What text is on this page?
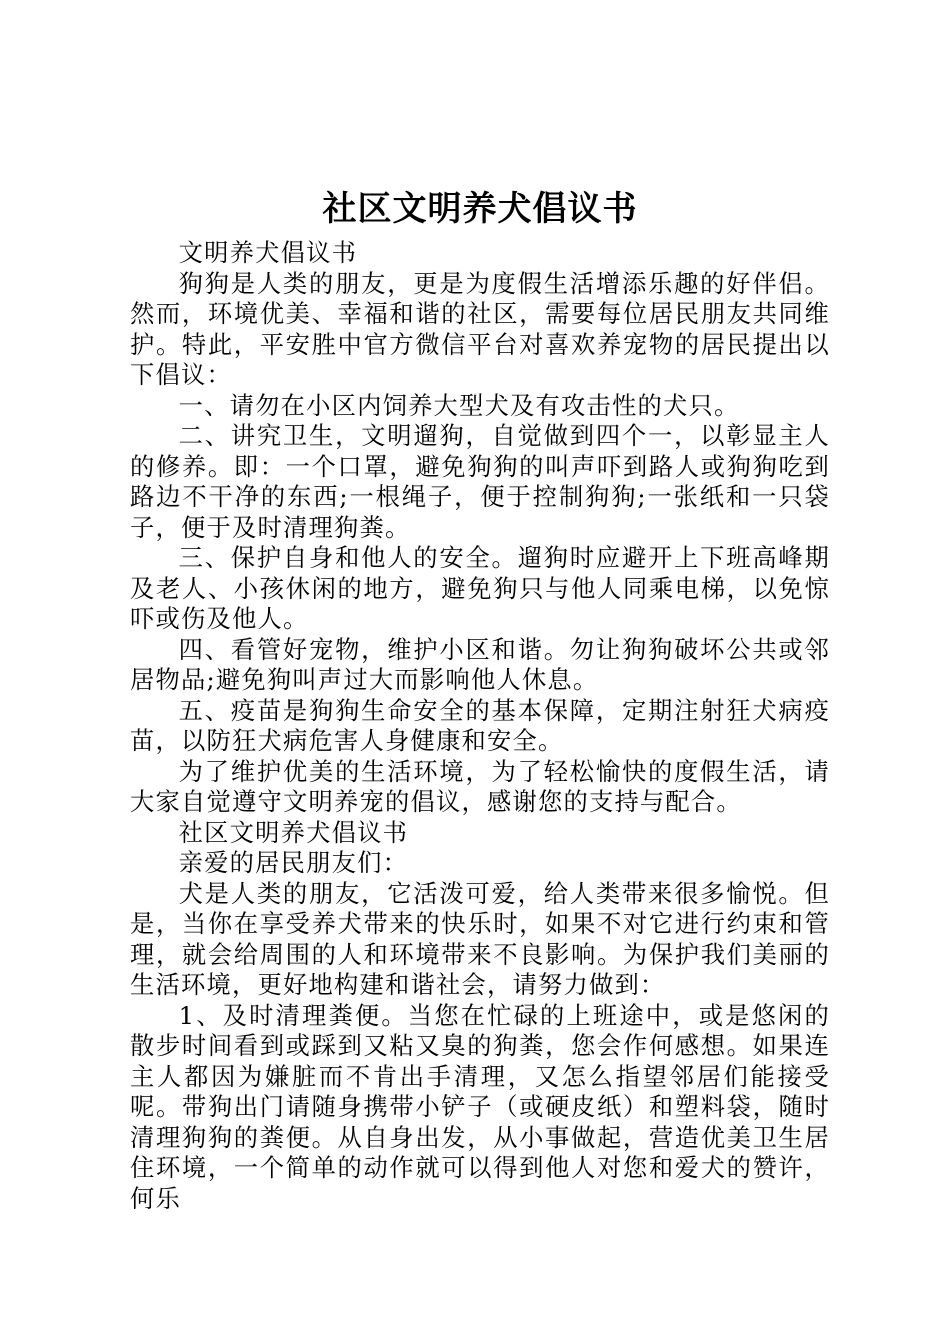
社区文明养犬倡议书

文明养犬倡议书

狗狗是人类的朋友，更是为度假生活增添乐趣的好伴侣。然而，环境优美、幸福和谐的社区，需要每位居民朋友共同维护。特此，平安胜中官方微信平台对喜欢养宠物的居民提出以下倡议：

一、请勿在小区内饲养大型犬及有攻击性的犬只。

二、讲究卫生，文明遛狗，自觉做到四个一，以彰显主人的修养。即：一个口罩，避免狗狗的叫声吓到路人或狗狗吃到路边不干净的东西;一根绳子，便于控制狗狗;一张纸和一只袋子，便于及时清理狗粪。

三、保护自身和他人的安全。遛狗时应避开上下班高峰期及老人、小孩休闲的地方，避免狗只与他人同乘电梯，以免惊吓或伤及他人。

四、看管好宠物，维护小区和谐。勿让狗狗破坏公共或邻居物品;避免狗叫声过大而影响他人休息。

五、疫苗是狗狗生命安全的基本保障，定期注射狂犬病疫苗，以防狂犬病危害人身健康和安全。

为了维护优美的生活环境，为了轻松愉快的度假生活，请大家自觉遵守文明养宠的倡议，感谢您的支持与配合。

社区文明养犬倡议书

亲爱的居民朋友们：

犬是人类的朋友，它活泼可爱，给人类带来很多愉悦。但是，当你在享受养犬带来的快乐时，如果不对它进行约束和管理，就会给周围的人和环境带来不良影响。为保护我们美丽的生活环境，更好地构建和谐社会，请努力做到：

1、及时清理粪便。当您在忙碌的上班途中，或是悠闲的散步时间看到或踩到又粘又臭的狗粪，您会作何感想。如果连主人都因为嫌脏而不肯出手清理，又怎么指望邻居们能接受呢。带狗出门请随身携带小铲子（或硬皮纸）和塑料袋，随时清理狗狗的粪便。从自身出发，从小事做起，营造优美卫生居住环境，一个简单的动作就可以得到他人对您和爱犬的赞许，何乐
